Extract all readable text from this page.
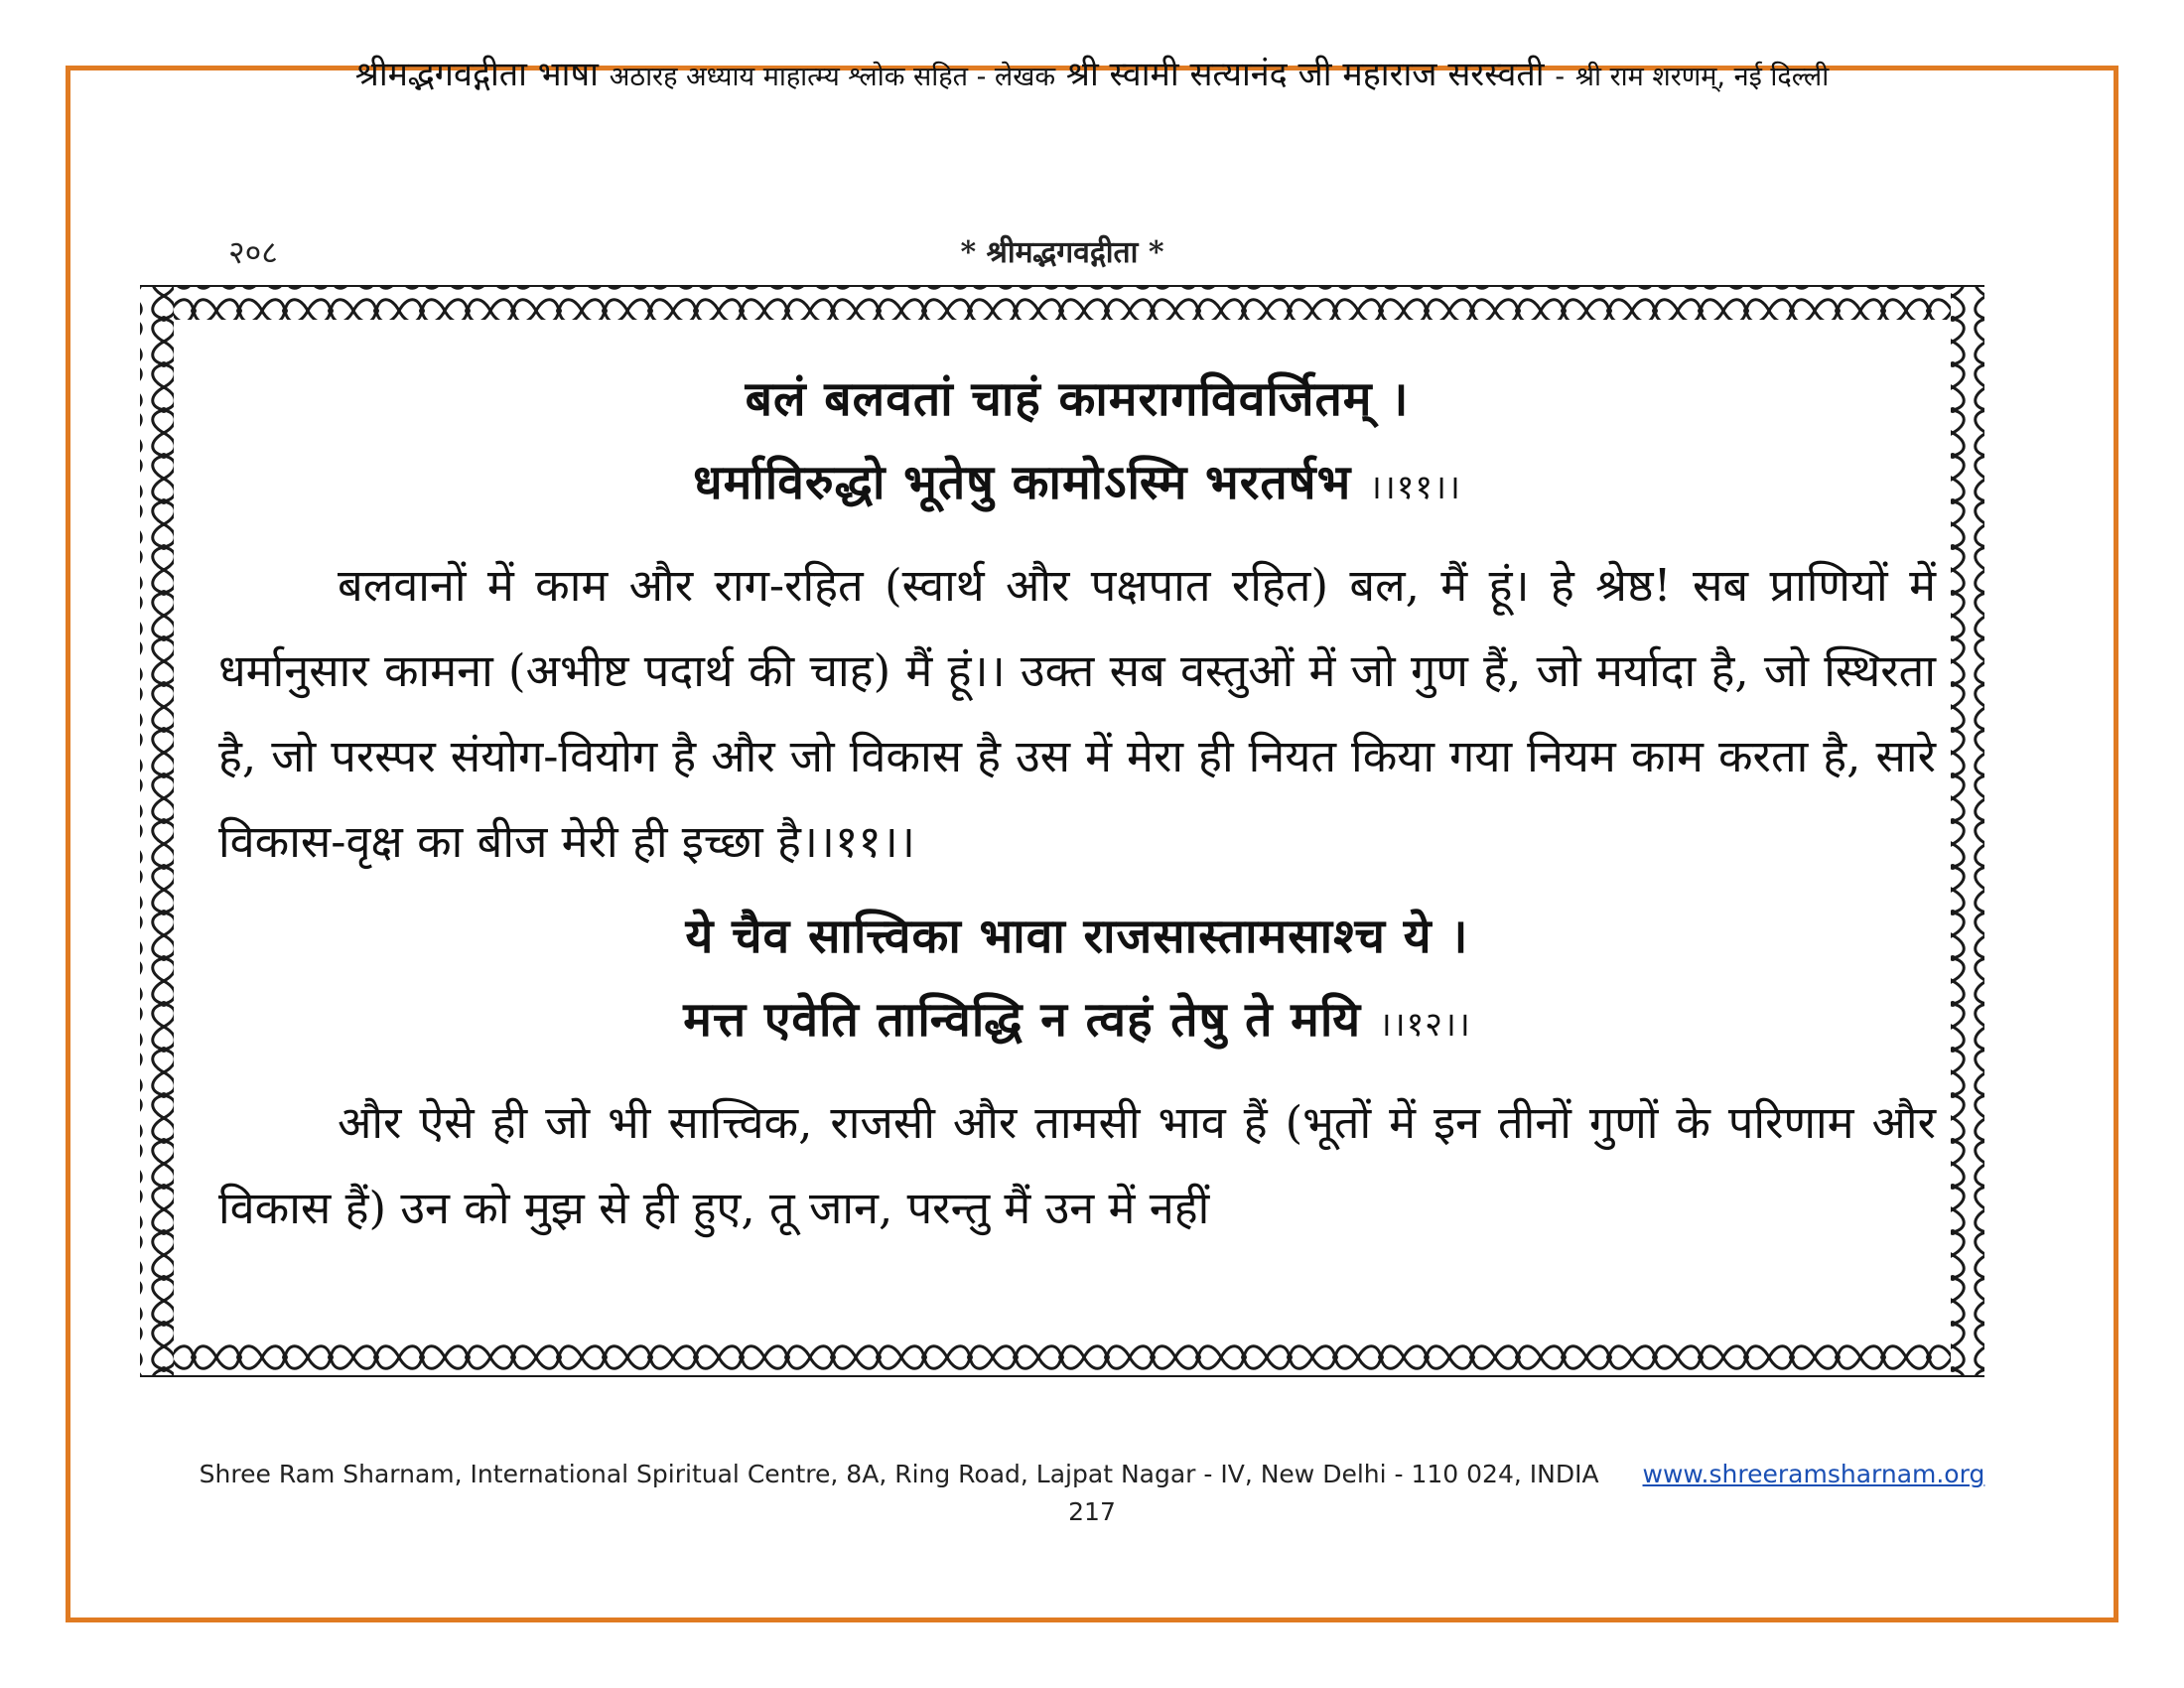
श्रीमद्भगवद्गीता भाषा अठारह अध्याय माहात्म्य श्लोक सहित - लेखक श्री स्वामी सत्यानंद जी महाराज सरस्वती - श्री राम शरणम्, नई दिल्ली
२०८	* श्रीमद्भगवद्गीता *
बलं बलवतां चाहं कामरागविवर्जितम् ।
धर्माविरुद्धो भूतेषु कामोऽस्मि भरतर्षभ ।।११।।

बलवानों में काम और राग-रहित (स्वार्थ और पक्षपात रहित) बल, मैं हूं। हे श्रेष्ठ! सब प्राणियों में धर्मानुसार कामना (अभीष्ट पदार्थ की चाह) मैं हूं।। उक्त सब वस्तुओं में जो गुण हैं, जो मर्यादा है, जो स्थिरता है, जो परस्पर संयोग-वियोग है और जो विकास है उस में मेरा ही नियत किया गया नियम काम करता है, सारे विकास-वृक्ष का बीज मेरी ही इच्छा है।।११।।

ये चैव सात्त्विका भावा राजसास्तामसाश्च ये ।
मत्त एवेति तान्विद्धि न त्वहं तेषु ते मयि ।।१२।।

और ऐसे ही जो भी सात्त्विक, राजसी और तामसी भाव हैं (भूतों में इन तीनों गुणों के परिणाम और विकास हैं) उन को मुझ से ही हुए, तू जान, परन्तु मैं उन में नहीं

Shree Ram Sharnam, International Spiritual Centre, 8A, Ring Road, Lajpat Nagar - IV, New Delhi - 110 024, INDIA www.shreeramsharnam.org
217
